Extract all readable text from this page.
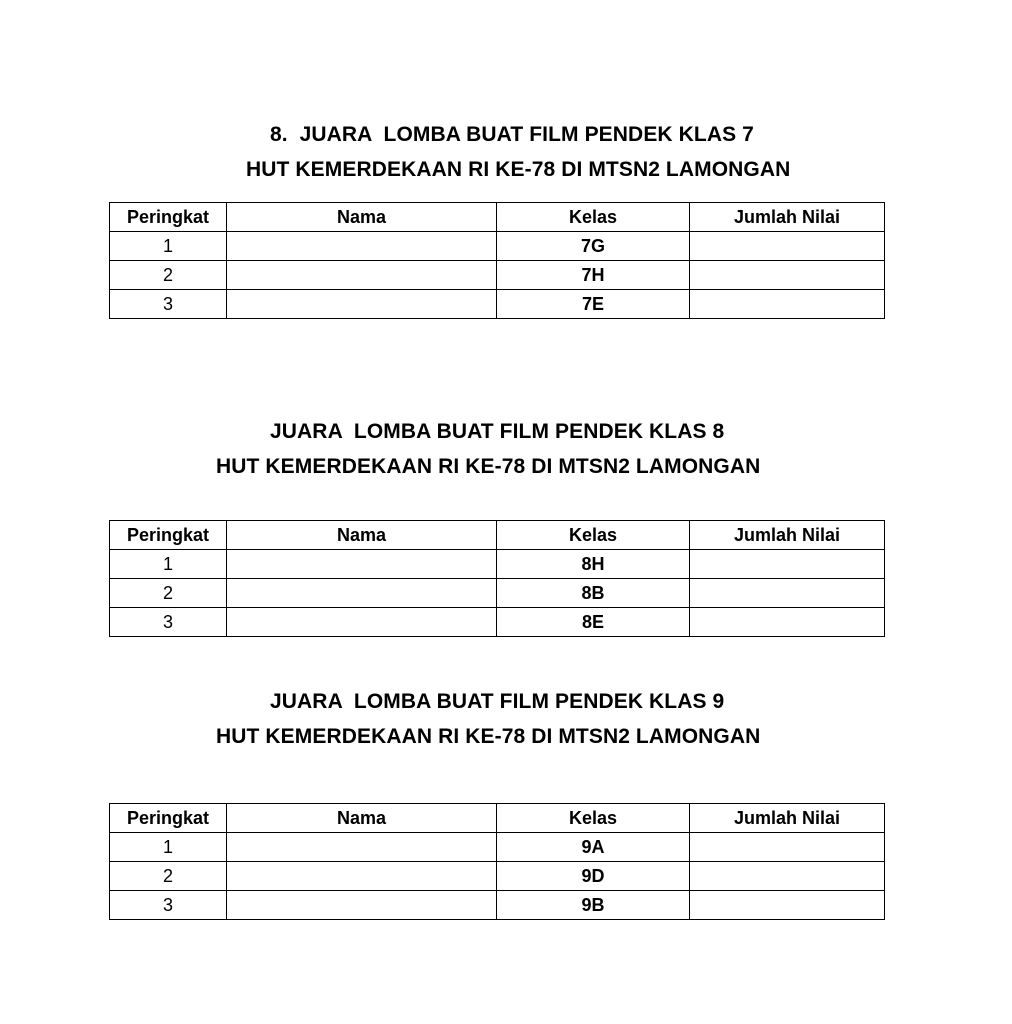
8.  JUARA  LOMBA BUAT FILM PENDEK KLAS 7
HUT KEMERDEKAAN RI KE-78 DI MTSN2 LAMONGAN
Peringkat	Nama	Kelas	Jumlah Nilai
1		7G	
2		7H	
3		7E	
JUARA  LOMBA BUAT FILM PENDEK KLAS 8
HUT KEMERDEKAAN RI KE-78 DI MTSN2 LAMONGAN
Peringkat	Nama	Kelas	Jumlah Nilai
1		8H	
2		8B	
3		8E	
JUARA  LOMBA BUAT FILM PENDEK KLAS 9
HUT KEMERDEKAAN RI KE-78 DI MTSN2 LAMONGAN
Peringkat	Nama	Kelas	Jumlah Nilai
1		9A	
2		9D	
3		9B	
